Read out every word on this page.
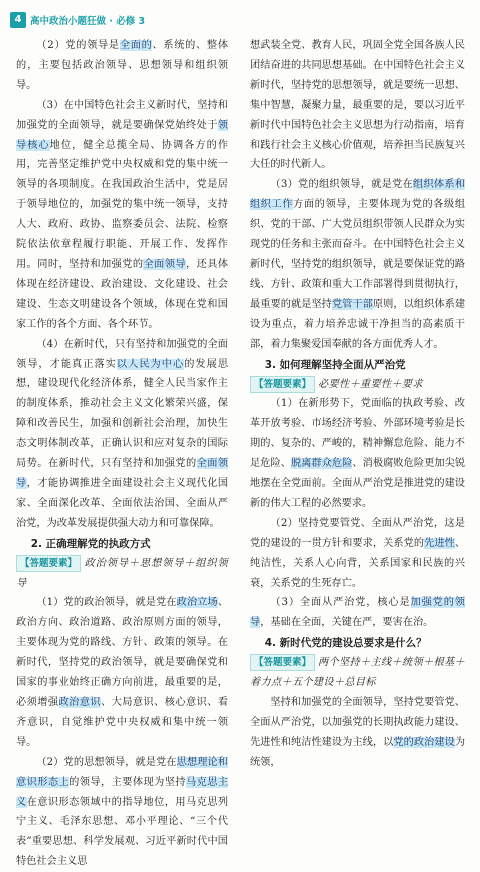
4 高中政治小题狂做 · 必修 3

（2）党的领导是全面的、系统的、整体的，主要包括政治领导、思想领导和组织领导。

（3）在中国特色社会主义新时代，坚持和加强党的全面领导，就是要确保党始终处于领导核心地位，健全总揽全局、协调各方的作用，完善坚定维护党中央权威和党的集中统一领导的各项制度。在我国政治生活中，党是居于领导地位的，加强党的集中统一领导，支持人大、政府、政协、监察委员会、法院、检察院依法依章程履行职能、开展工作、发挥作用。同时，坚持和加强党的全面领导，还具体体现在经济建设、政治建设、文化建设、社会建设、生态文明建设各个领域，体现在党和国家工作的各个方面、各个环节。

（4）在新时代，只有坚持和加强党的全面领导，才能真正落实以人民为中心的发展思想，建设现代化经济体系，健全人民当家作主的制度体系，推动社会主义文化繁荣兴盛，保障和改善民生，加强和创新社会治理，加快生态文明体制改革，正确认识和应对复杂的国际局势。在新时代，只有坚持和加强党的全面领导，才能协调推进全面建设社会主义现代化国家、全面深化改革、全面依法治国、全面从严治党，为改革发展提供强大动力和可靠保障。

2. 正确理解党的执政方式

【答题要素】 政治领导＋思想领导＋组织领导

（1）党的政治领导，就是党在政治立场、政治方向、政治道路、政治原则方面的领导，主要体现为党的路线、方针、政策的领导。在新时代，坚持党的政治领导，就是要确保党和国家的事业始终正确方向前进，最重要的是，必须增强政治意识、大局意识、核心意识、看齐意识，自觉维护党中央权威和集中统一领导。

（2）党的思想领导，就是党在思想理论和意识形态上的领导，主要体现为坚持马克思主义在意识形态领域中的指导地位，用马克思列宁主义、毛泽东思想、邓小平理论、“三个代表”重要思想、科学发展观、习近平新时代中国特色社会主义思

想武装全党、教育人民，巩固全党全国各族人民团结奋进的共同思想基础。在中国特色社会主义新时代，坚持党的思想领导，就是要统一思想、集中智慧，凝聚力量，最重要的是，要以习近平新时代中国特色社会主义思想为行动指南，培育和践行社会主义核心价值观，培养担当民族复兴大任的时代新人。

（3）党的组织领导，就是党在组织体系和组织工作方面的领导，主要体现为党的各级组织、党的干部、广大党员组织带领人民群众为实现党的任务和主张而奋斗。在中国特色社会主义新时代，坚持党的组织领导，就是要保证党的路线、方针、政策和重大工作部署得到贯彻执行，最重要的就是坚持党管干部原则，以组织体系建设为重点，着力培养忠诚干净担当的高素质干部，着力集聚爱国奉献的各方面优秀人才。

3. 如何理解坚持全面从严治党

【答题要素】 必要性＋重要性＋要求

（1）在新形势下，党面临的执政考验、改革开放考验、市场经济考验、外部环境考验是长期的、复杂的、严峻的，精神懈怠危险、能力不足危险、脱离群众危险、消极腐败危险更加尖锐地摆在全党面前。全面从严治党是推进党的建设新的伟大工程的必然要求。

（2）坚持党要管党、全面从严治党，这是党的建设的一贯方针和要求，关系党的先进性、纯洁性，关系人心向背，关系国家和民族的兴衰，关系党的生死存亡。

（3）全面从严治党，核心是加强党的领导，基础在全面，关键在严，要害在治。

4. 新时代党的建设总要求是什么？

【答题要素】 两个坚持＋主线＋统领＋根基＋着力点＋五个建设＋总目标

坚持和加强党的全面领导，坚持党要管党、全面从严治党，以加强党的长期执政能力建设、先进性和纯洁性建设为主线，以党的政治建设为统领，
